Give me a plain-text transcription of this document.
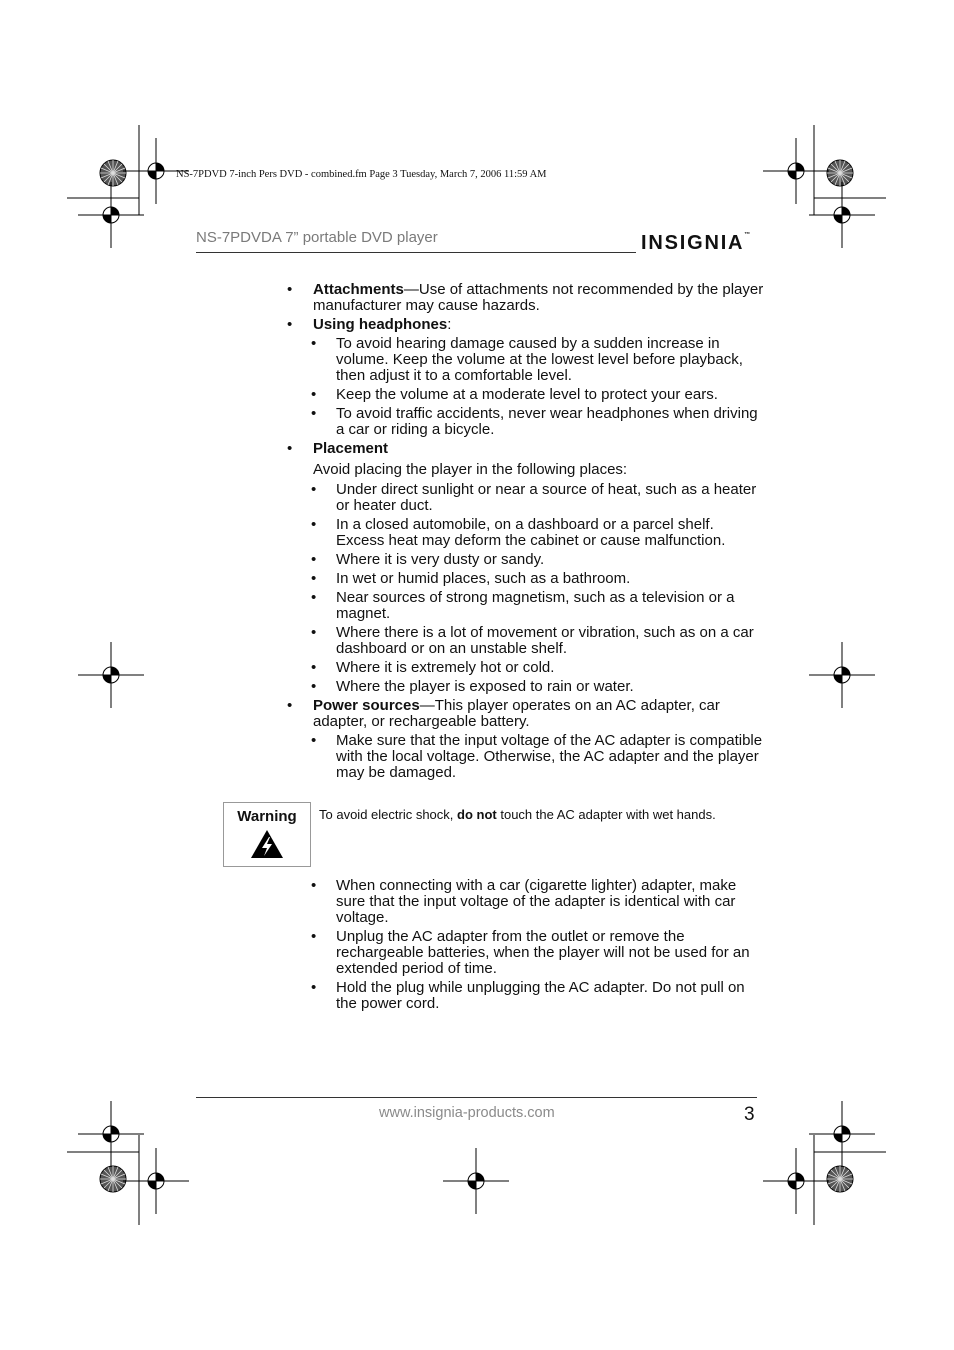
NS-7PDVD 7-inch Pers DVD - combined.fm Page 3 Tuesday, March 7, 2006 11:59 AM
NS-7PDVDA 7” portable DVD player	INSIGNIA™
• Attachments—Use of attachments not recommended by the player manufacturer may cause hazards.
• Using headphones:
• To avoid hearing damage caused by a sudden increase in volume. Keep the volume at the lowest level before playback, then adjust it to a comfortable level.
• Keep the volume at a moderate level to protect your ears.
• To avoid traffic accidents, never wear headphones when driving a car or riding a bicycle.
• Placement
Avoid placing the player in the following places:
• Under direct sunlight or near a source of heat, such as a heater or heater duct.
• In a closed automobile, on a dashboard or a parcel shelf. Excess heat may deform the cabinet or cause malfunction.
• Where it is very dusty or sandy.
• In wet or humid places, such as a bathroom.
• Near sources of strong magnetism, such as a television or a magnet.
• Where there is a lot of movement or vibration, such as on a car dashboard or on an unstable shelf.
• Where it is extremely hot or cold.
• Where the player is exposed to rain or water.
• Power sources—This player operates on an AC adapter, car adapter, or rechargeable battery.
• Make sure that the input voltage of the AC adapter is compatible with the local voltage. Otherwise, the AC adapter and the player may be damaged.
Warning	To avoid electric shock, do not touch the AC adapter with wet hands.
• When connecting with a car (cigarette lighter) adapter, make sure that the input voltage of the adapter is identical with car voltage.
• Unplug the AC adapter from the outlet or remove the rechargeable batteries, when the player will not be used for an extended period of time.
• Hold the plug while unplugging the AC adapter. Do not pull on the power cord.
www.insignia-products.com	3
